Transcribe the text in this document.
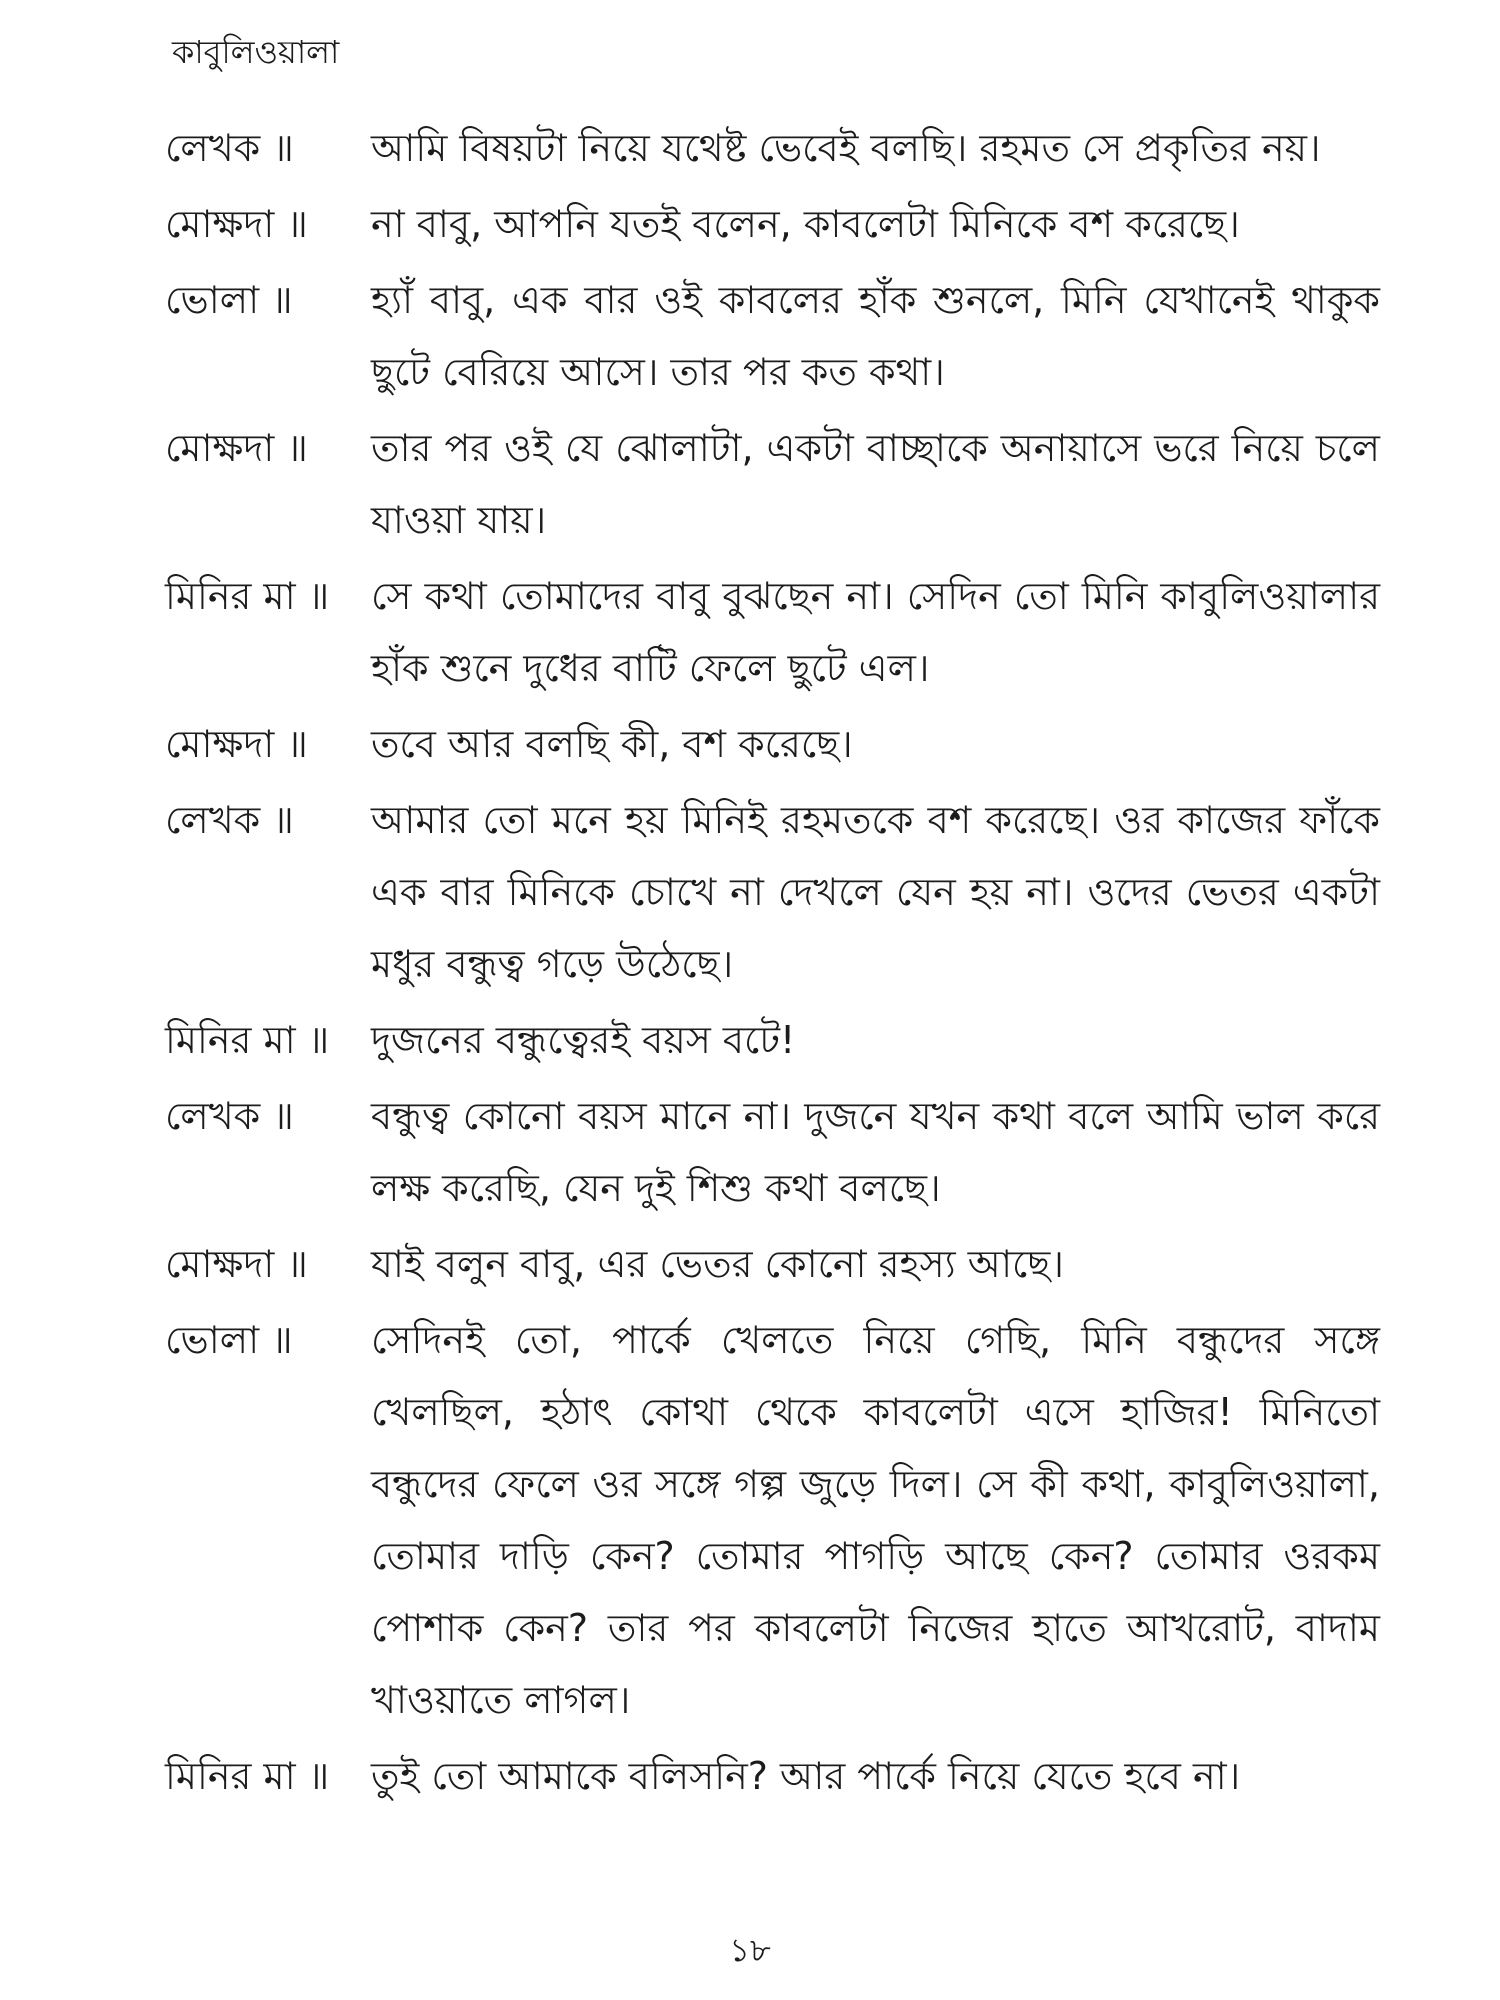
কাবুলিওয়ালা
লেখক ॥	আমি বিষয়টা নিয়ে যথেষ্ট ভেবেই বলছি। রহমত সে প্রকৃতির নয়।
মোক্ষদা ॥	না বাবু, আপনি যতই বলেন, কাবলেটা মিনিকে বশ করেছে।
ভোলা ॥	হ্যাঁ বাবু, এক বার ওই কাবলের হাঁক শুনলে, মিনি যেখানেই থাকুক ছুটে বেরিয়ে আসে। তার পর কত কথা।
মোক্ষদা ॥	তার পর ওই যে ঝোলাটা, একটা বাচ্ছাকে অনায়াসে ভরে নিয়ে চলে যাওয়া যায়।
মিনির মা ॥	সে কথা তোমাদের বাবু বুঝছেন না। সেদিন তো মিনি কাবুলিওয়ালার হাঁক শুনে দুধের বাটি ফেলে ছুটে এল।
মোক্ষদা ॥	তবে আর বলছি কী, বশ করেছে।
লেখক ॥	আমার তো মনে হয় মিনিই রহমতকে বশ করেছে। ওর কাজের ফাঁকে এক বার মিনিকে চোখে না দেখলে যেন হয় না। ওদের ভেতর একটা মধুর বন্ধুত্ব গড়ে উঠেছে।
মিনির মা ॥	দুজনের বন্ধুত্বেরই বয়স বটে!
লেখক ॥	বন্ধুত্ব কোনো বয়স মানে না। দুজনে যখন কথা বলে আমি ভাল করে লক্ষ করেছি, যেন দুই শিশু কথা বলছে।
মোক্ষদা ॥	যাই বলুন বাবু, এর ভেতর কোনো রহস্য আছে।
ভোলা ॥	সেদিনই তো, পার্কে খেলতে নিয়ে গেছি, মিনি বন্ধুদের সঙ্গে খেলছিল, হঠাৎ কোথা থেকে কাবলেটা এসে হাজির! মিনিতো বন্ধুদের ফেলে ওর সঙ্গে গল্প জুড়ে দিল। সে কী কথা, কাবুলিওয়ালা, তোমার দাড়ি কেন? তোমার পাগড়ি আছে কেন? তোমার ওরকম পোশাক কেন? তার পর কাবলেটা নিজের হাতে আখরোট, বাদাম খাওয়াতে লাগল।
মিনির মা ॥	তুই তো আমাকে বলিসনি? আর পার্কে নিয়ে যেতে হবে না।
১৮
